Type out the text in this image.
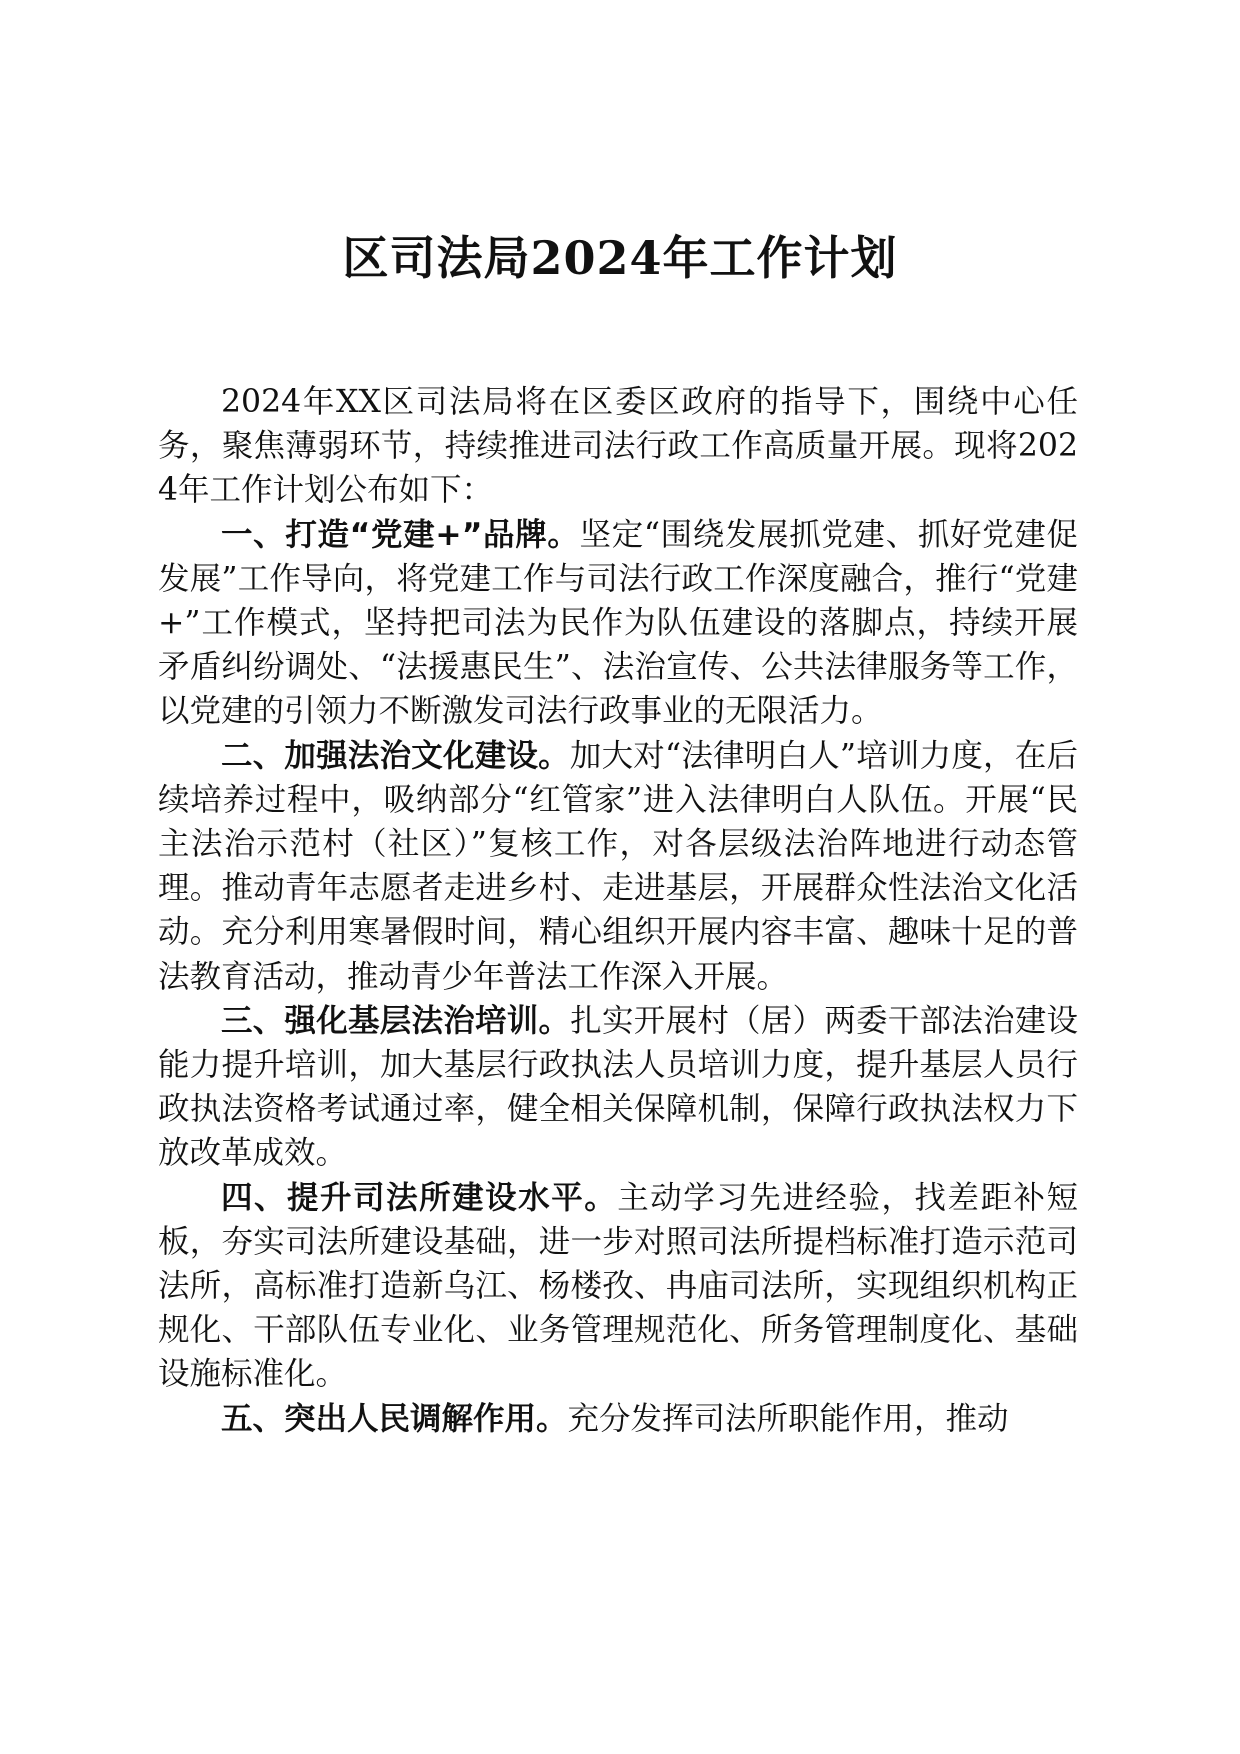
区司法局2024年工作计划

2024年XX区司法局将在区委区政府的指导下，围绕中心任务，聚焦薄弱环节，持续推进司法行政工作高质量开展。现将2024年工作计划公布如下：

一、打造“党建+”品牌。坚定“围绕发展抓党建、抓好党建促发展”工作导向，将党建工作与司法行政工作深度融合，推行“党建+”工作模式，坚持把司法为民作为队伍建设的落脚点，持续开展矛盾纠纷调处、“法援惠民生”、法治宣传、公共法律服务等工作，以党建的引领力不断激发司法行政事业的无限活力。

二、加强法治文化建设。加大对“法律明白人”培训力度，在后续培养过程中，吸纳部分“红管家”进入法律明白人队伍。开展“民主法治示范村（社区）”复核工作，对各层级法治阵地进行动态管理。推动青年志愿者走进乡村、走进基层，开展群众性法治文化活动。充分利用寒暑假时间，精心组织开展内容丰富、趣味十足的普法教育活动，推动青少年普法工作深入开展。

三、强化基层法治培训。扎实开展村（居）两委干部法治建设能力提升培训，加大基层行政执法人员培训力度，提升基层人员行政执法资格考试通过率，健全相关保障机制，保障行政执法权力下放改革成效。

四、提升司法所建设水平。主动学习先进经验，找差距补短板，夯实司法所建设基础，进一步对照司法所提档标准打造示范司法所，高标准打造新乌江、杨楼孜、冉庙司法所，实现组织机构正规化、干部队伍专业化、业务管理规范化、所务管理制度化、基础设施标准化。

五、突出人民调解作用。充分发挥司法所职能作用，推动
